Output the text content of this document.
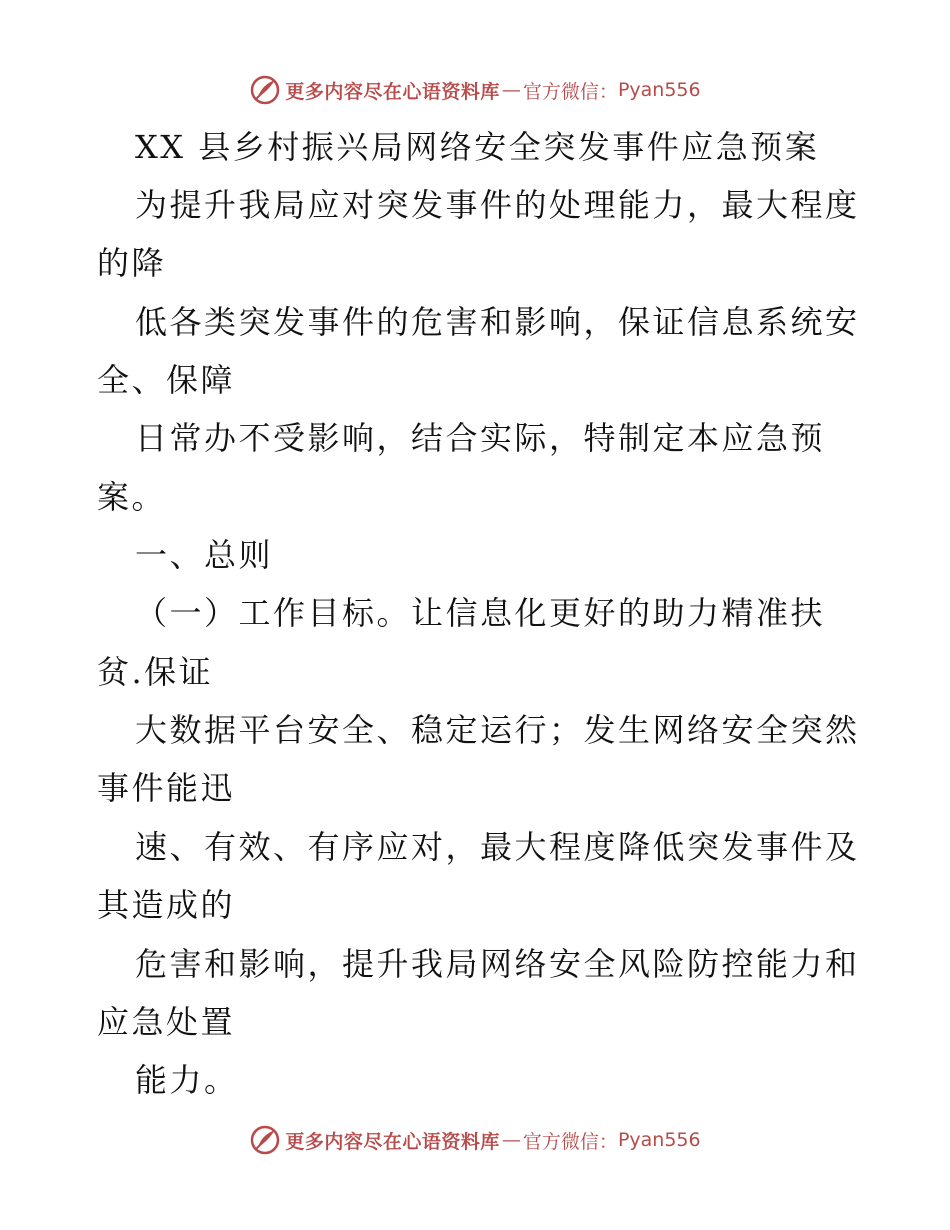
更多内容尽在心语资料库 — 官方微信： Pyan556
XX 县乡村振兴局网络安全突发事件应急预案
为提升我局应对突发事件的处理能力，最大程度
的降
低各类突发事件的危害和影响，保证信息系统安
全、保障
日常办不受影响，结合实际，特制定本应急预
案。
一、总则
（一）工作目标。让信息化更好的助力精准扶
贫.保证
大数据平台安全、稳定运行；发生网络安全突然
事件能迅
速、有效、有序应对，最大程度降低突发事件及
其造成的
危害和影响，提升我局网络安全风险防控能力和
应急处置
能力。
更多内容尽在心语资料库 — 官方微信： Pyan556
